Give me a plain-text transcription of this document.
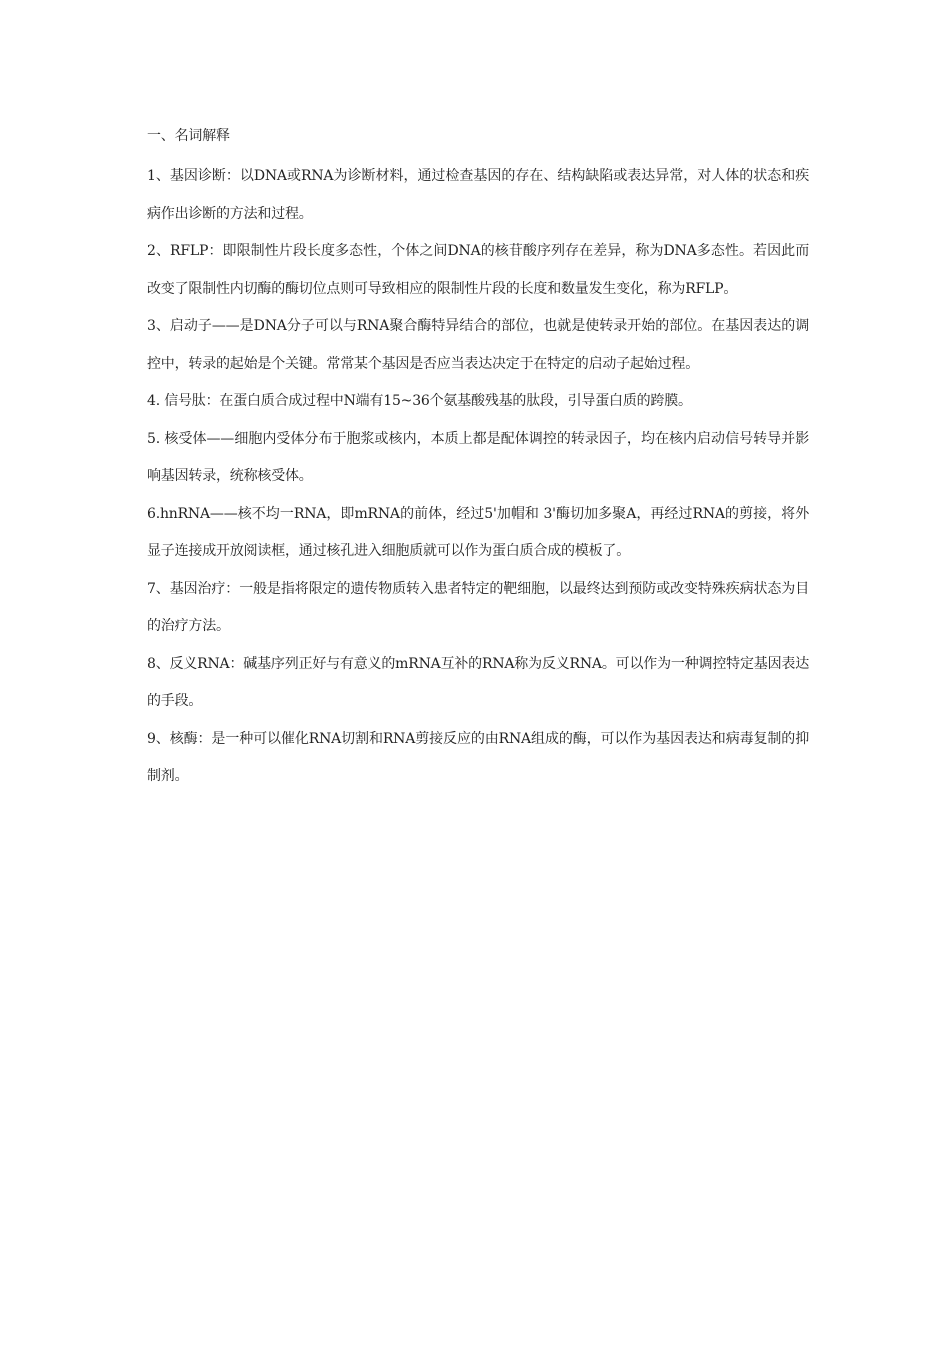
一、名词解释

1、基因诊断：以DNA或RNA为诊断材料，通过检查基因的存在、结构缺陷或表达异常，对人体的状态和疾病作出诊断的方法和过程。

2、RFLP：即限制性片段长度多态性，个体之间DNA的核苷酸序列存在差异，称为DNA多态性。若因此而改变了限制性内切酶的酶切位点则可导致相应的限制性片段的长度和数量发生变化，称为RFLP。

3、启动子——是DNA分子可以与RNA聚合酶特异结合的部位，也就是使转录开始的部位。在基因表达的调控中，转录的起始是个关键。常常某个基因是否应当表达决定于在特定的启动子起始过程。

4. 信号肽：在蛋白质合成过程中N端有15~36个氨基酸残基的肽段，引导蛋白质的跨膜。

5. 核受体——细胞内受体分布于胞浆或核内，本质上都是配体调控的转录因子，均在核内启动信号转导并影响基因转录，统称核受体。

6.hnRNA——核不均一RNA，即mRNA的前体，经过5'加帽和 3'酶切加多聚A，再经过RNA的剪接，将外显子连接成开放阅读框，通过核孔进入细胞质就可以作为蛋白质合成的模板了。

7、基因治疗：一般是指将限定的遗传物质转入患者特定的靶细胞，以最终达到预防或改变特殊疾病状态为目的治疗方法。

8、反义RNA：碱基序列正好与有意义的mRNA互补的RNA称为反义RNA。可以作为一种调控特定基因表达的手段。

9、核酶：是一种可以催化RNA切割和RNA剪接反应的由RNA组成的酶，可以作为基因表达和病毒复制的抑制剂。
